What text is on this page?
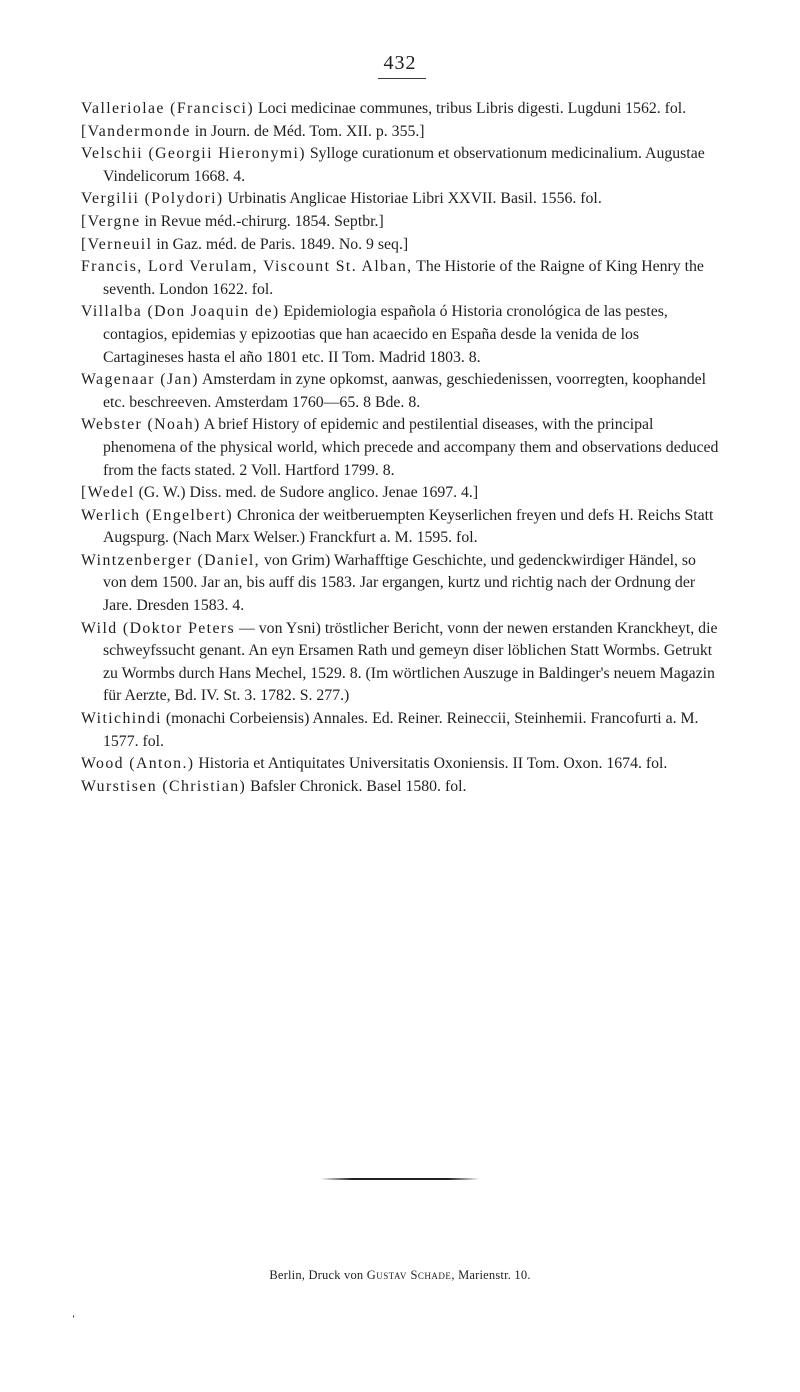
432

Valleriolae (Francisci) Loci medicinae communes, tribus Libris digesti. Lugduni 1562. fol.

[Vandermonde in Journ. de Méd. Tom. XII. p. 355.]

Velschii (Georgii Hieronymi) Sylloge curationum et observationum medicinalium. Augustae Vindelicorum 1668. 4.

Vergilii (Polydori) Urbinatis Anglicae Historiae Libri XXVII. Basil. 1556. fol.

[Vergne in Revue méd.-chirurg. 1854. Septbr.]

[Verneuil in Gaz. méd. de Paris. 1849. No. 9 seq.]

Francis, Lord Verulam, Viscount St. Alban, The Historie of the Raigne of King Henry the seventh. London 1622. fol.

Villalba (Don Joaquin de) Epidemiologia española ó Historia cronológica de las pestes, contagios, epidemias y epizootias que han acaecido en España desde la venida de los Cartagineses hasta el año 1801 etc. II Tom. Madrid 1803. 8.

Wagenaar (Jan) Amsterdam in zyne opkomst, aanwas, geschiedenissen, voorregten, koophandel etc. beschreeven. Amsterdam 1760—65. 8 Bde. 8.

Webster (Noah) A brief History of epidemic and pestilential diseases, with the principal phenomena of the physical world, which precede and accompany them and observations deduced from the facts stated. 2 Voll. Hartford 1799. 8.

[Wedel (G. W.) Diss. med. de Sudore anglico. Jenae 1697. 4.]

Werlich (Engelbert) Chronica der weitberuempten Keyserlichen freyen und defs H. Reichs Statt Augspurg. (Nach Marx Welser.) Franckfurt a. M. 1595. fol.

Wintzenberger (Daniel, von Grim) Warhafftige Geschichte, und gedenckwirdiger Händel, so von dem 1500. Jar an, bis auff dis 1583. Jar ergangen, kurtz und richtig nach der Ordnung der Jare. Dresden 1583. 4.

Wild (Doktor Peters — von Ysni) tröstlicher Bericht, vonn der newen erstanden Kranckheyt, die schweyfssucht genant. An eyn Ersamen Rath und gemeyn diser löblichen Statt Wormbs. Getrukt zu Wormbs durch Hans Mechel, 1529. 8. (Im wörtlichen Auszuge in Baldinger's neuem Magazin für Aerzte, Bd. IV. St. 3. 1782. S. 277.)

Witichindi (monachi Corbeiensis) Annales. Ed. Reiner. Reineccii, Steinhemii. Francofurti a. M. 1577. fol.

Wood (Anton.) Historia et Antiquitates Universitatis Oxoniensis. II Tom. Oxon. 1674. fol.

Wurstisen (Christian) Bafsler Chronick. Basel 1580. fol.

Berlin, Druck von Gustav Schade, Marienstr. 10.
‘
